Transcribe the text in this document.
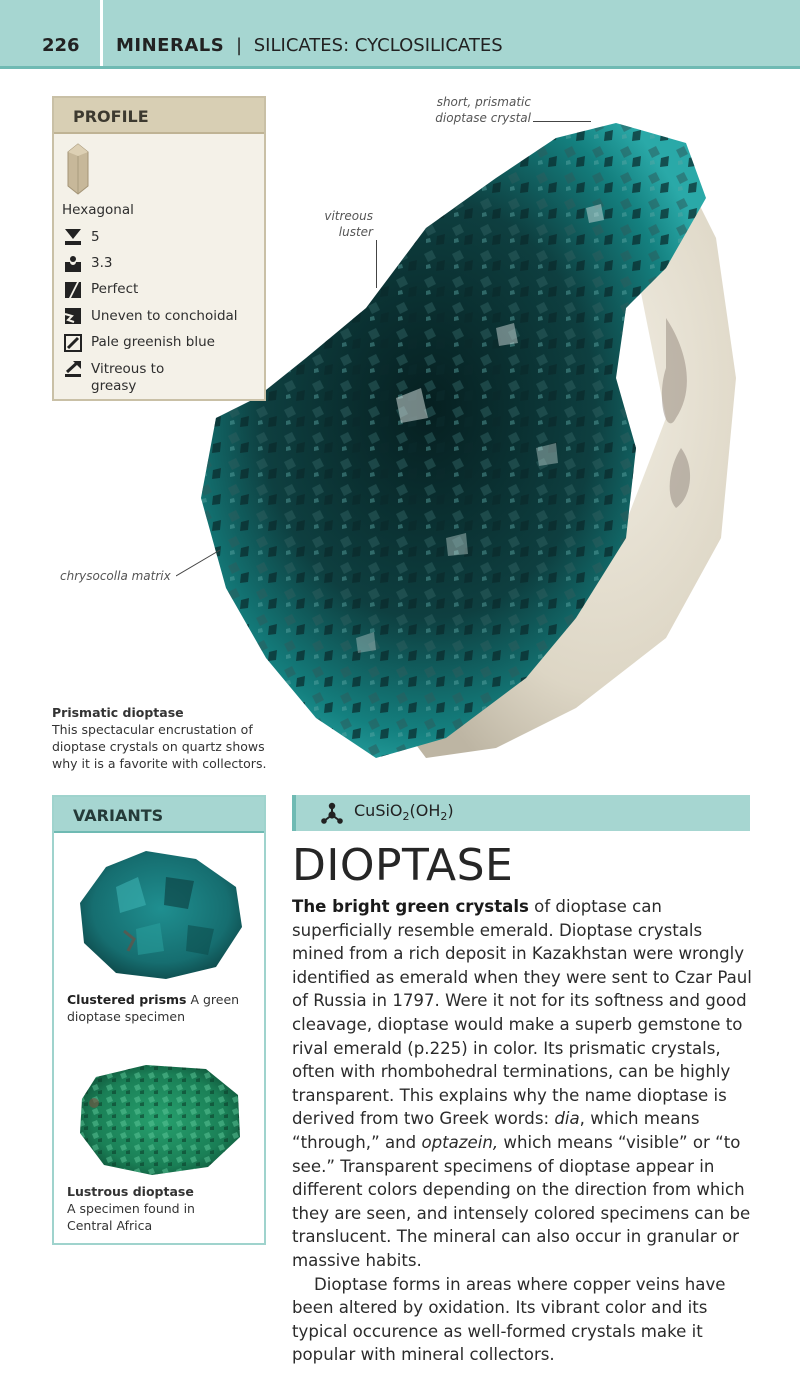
226 MINERALS | SILICATES: CYCLOSILICATES
short, prismatic
dioptase crystal
vitreous
luster
chrysocolla matrix
PROFILE
Hexagonal
5
3.3
Perfect
Uneven to conchoidal
Pale greenish blue
Vitreous to
greasy
Prismatic dioptase
This spectacular encrustation of
dioptase crystals on quartz shows
why it is a favorite with collectors.
VARIANTS
Clustered prisms A green
dioptase specimen
Lustrous dioptase
A specimen found in
Central Africa
$CuSiO_2(OH_2)$
DIOPTASE

The bright green crystals of dioptase can superficially resemble emerald. Dioptase crystals mined from a rich deposit in Kazakhstan were wrongly identified as emerald when they were sent to Czar Paul of Russia in 1797. Were it not for its softness and good cleavage, dioptase would make a superb gemstone to rival emerald (p.225) in color. Its prismatic crystals, often with rhombohedral terminations, can be highly transparent. This explains why the name dioptase is derived from two Greek words: dia, which means “through,” and optazein, which means “visible” or “to see.” Transparent specimens of dioptase appear in different colors depending on the direction from which they are seen, and intensely colored specimens can be translucent. The mineral can also occur in granular or massive habits.

Dioptase forms in areas where copper veins have been altered by oxidation. Its vibrant color and its typical occurence as well-formed crystals make it popular with mineral collectors.
